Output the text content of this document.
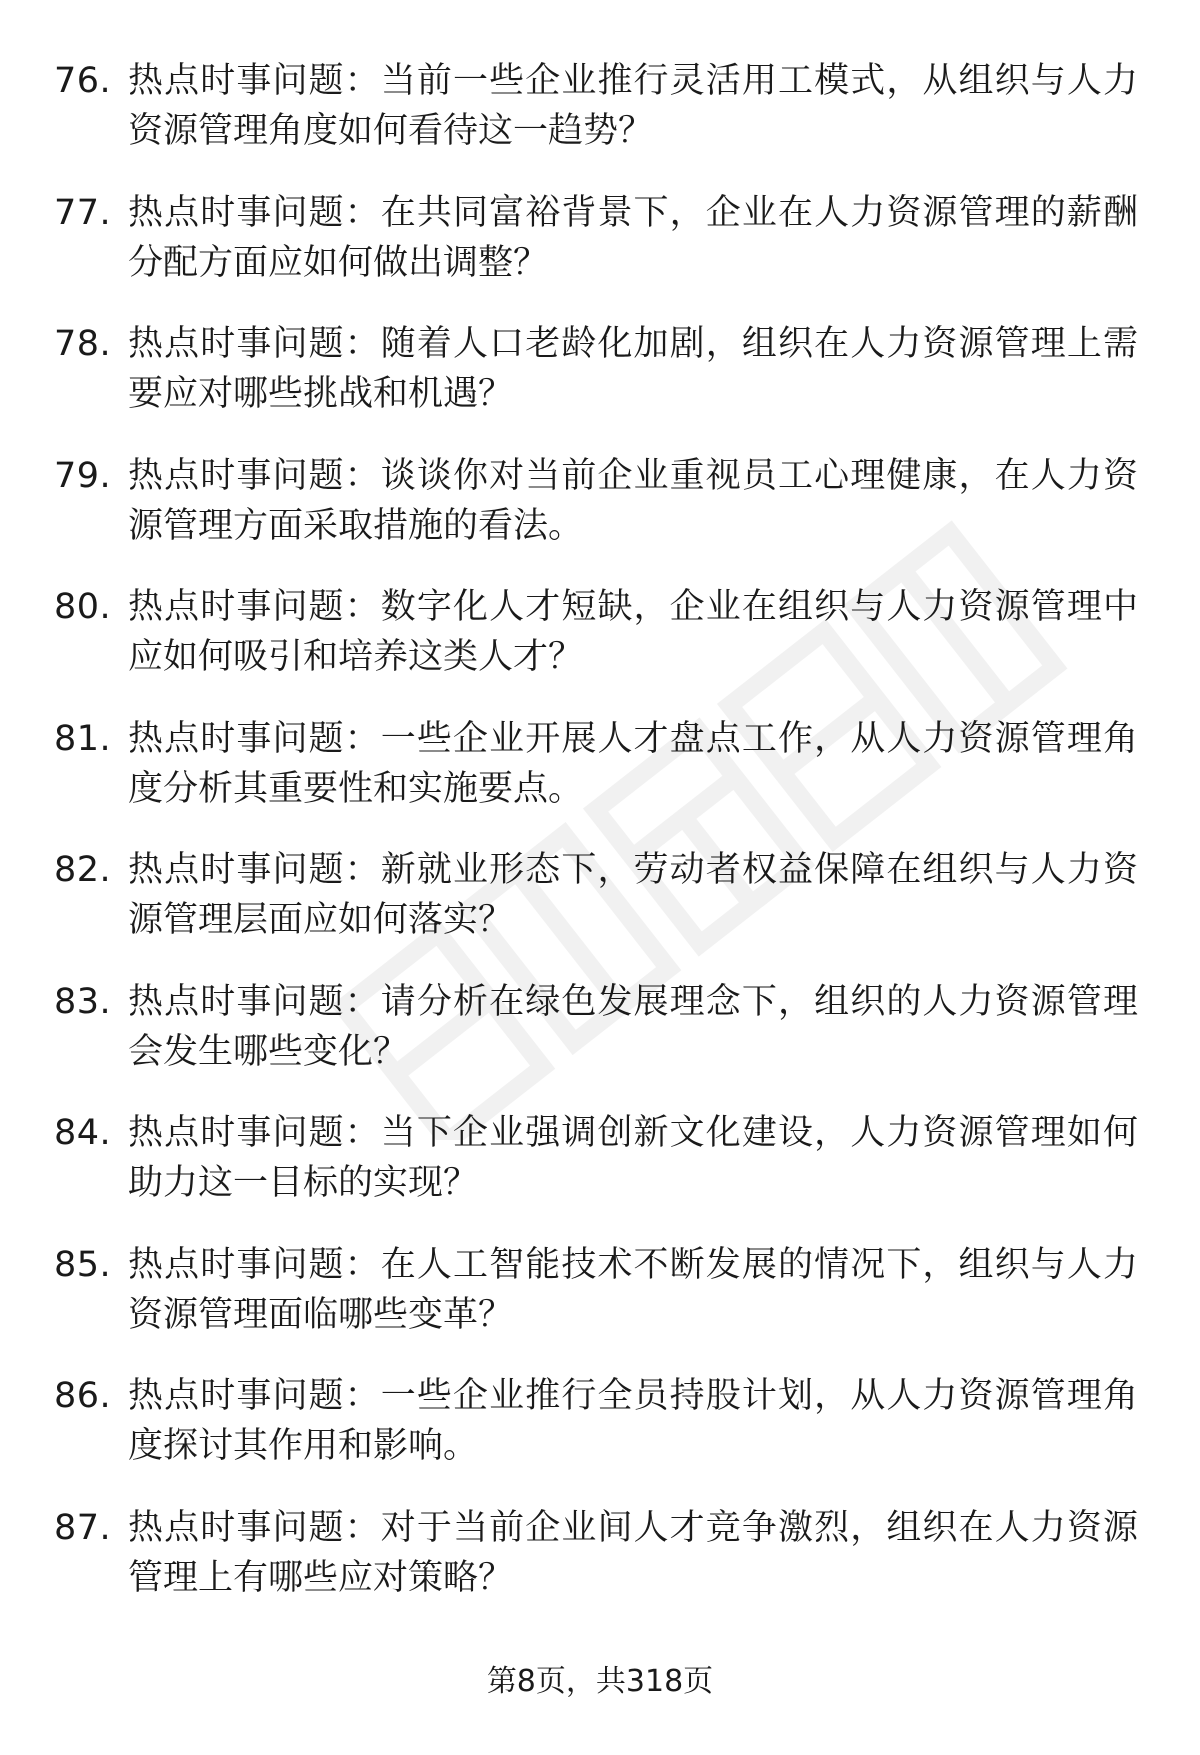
76. 热点时事问题：当前一些企业推行灵活用工模式，从组织与人力资源管理角度如何看待这一趋势？
77. 热点时事问题：在共同富裕背景下，企业在人力资源管理的薪酬分配方面应如何做出调整？
78. 热点时事问题：随着人口老龄化加剧，组织在人力资源管理上需要应对哪些挑战和机遇？
79. 热点时事问题：谈谈你对当前企业重视员工心理健康，在人力资源管理方面采取措施的看法。
80. 热点时事问题：数字化人才短缺，企业在组织与人力资源管理中应如何吸引和培养这类人才？
81. 热点时事问题：一些企业开展人才盘点工作，从人力资源管理角度分析其重要性和实施要点。
82. 热点时事问题：新就业形态下，劳动者权益保障在组织与人力资源管理层面应如何落实？
83. 热点时事问题：请分析在绿色发展理念下，组织的人力资源管理会发生哪些变化？
84. 热点时事问题：当下企业强调创新文化建设，人力资源管理如何助力这一目标的实现？
85. 热点时事问题：在人工智能技术不断发展的情况下，组织与人力资源管理面临哪些变革？
86. 热点时事问题：一些企业推行全员持股计划，从人力资源管理角度探讨其作用和影响。
87. 热点时事问题：对于当前企业间人才竞争激烈，组织在人力资源管理上有哪些应对策略？
第8页，共318页
